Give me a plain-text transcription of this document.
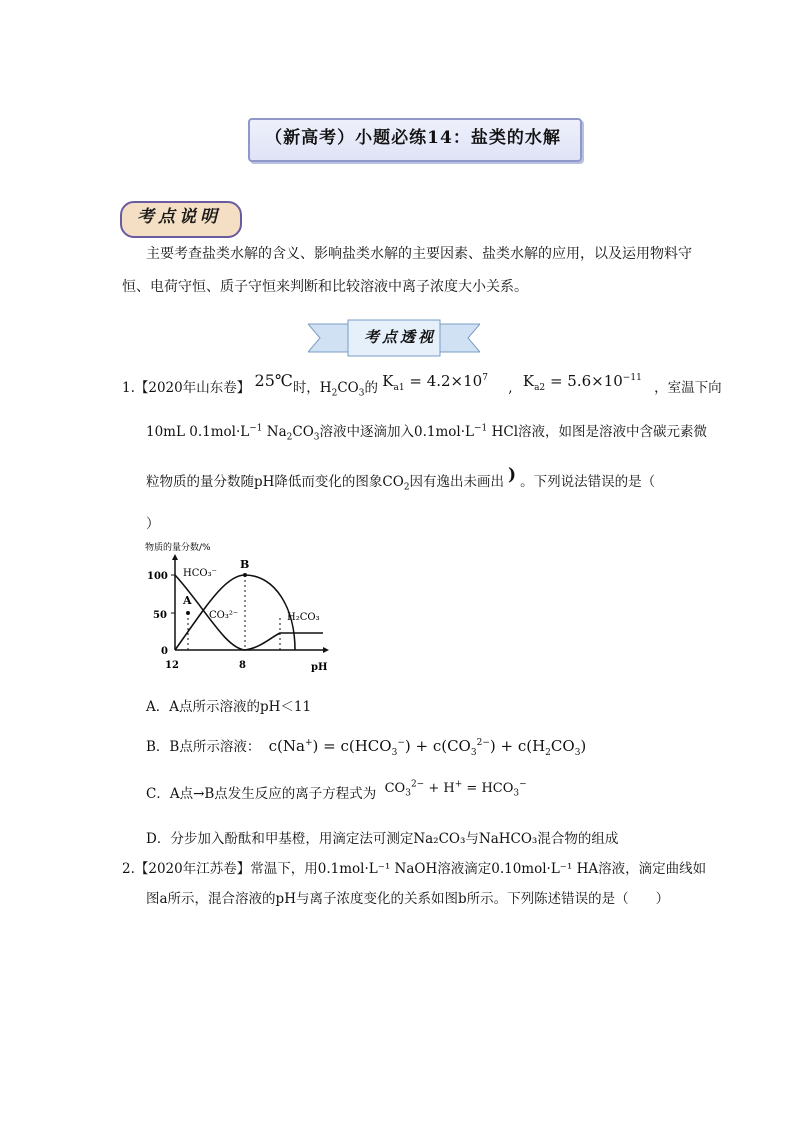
（新高考）小题必练14：盐类的水解
考点说明
主要考查盐类水解的含义、影响盐类水解的主要因素、盐类水解的应用，以及运用物料守
恒、电荷守恒、质子守恒来判断和比较溶液中离子浓度大小关系。
考点透视
1.【2020年山东卷】 25℃时，$H_2CO_3$的 $K_{a1} = 4.2\times 10^7$ , $K_{a2} = 5.6\times 10^{-11}$ ，室温下向
10mL $0.1mol\cdot L^{-1}$ $Na_2CO_3$溶液中逐滴加入$0.1mol\cdot L^{-1}$ HCl溶液，如图是溶液中含碳元素微
粒物质的量分数随pH降低而变化的图象$CO_2$因有逸出未画出 ) 。下列说法错误的是（
）
物质的量分数/%
100
50
0
12	8	pH
A
B
HCO₃⁻
CO₃²⁻	H₂CO₃
A．A点所示溶液的pH＜11
B．B点所示溶液： $c(Na^+) = c(HCO_3^-) + c(CO_3^{2-}) + c(H_2CO_3)$
C．A点→B点发生反应的离子方程式为 $CO_3^{2-} + H^+ = HCO_3^-$
D．分步加入酚酞和甲基橙，用滴定法可测定Na₂CO₃与NaHCO₃混合物的组成
2.【2020年江苏卷】常温下，用0.1mol·L⁻¹ NaOH溶液滴定0.10mol·L⁻¹ HA溶液，滴定曲线如
图a所示，混合溶液的pH与离子浓度变化的关系如图b所示。下列陈述错误的是（　　）
